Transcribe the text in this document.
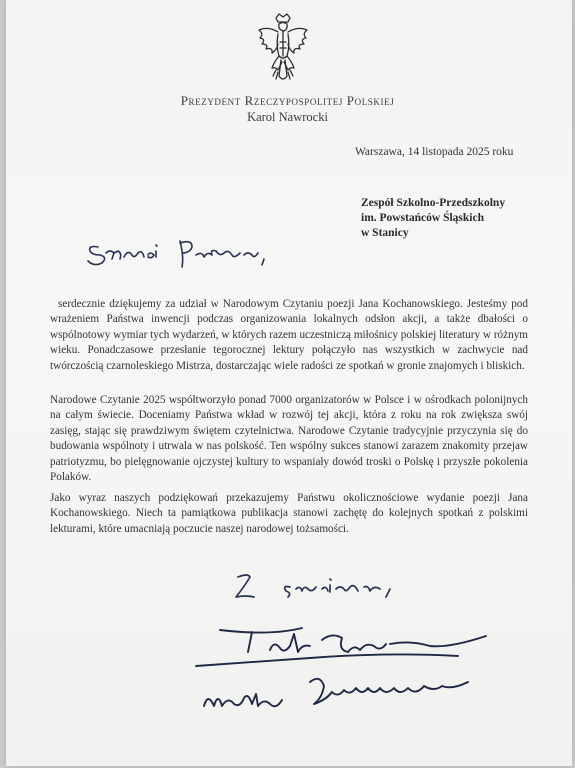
Prezydent Rzeczypospolitej Polskiej
Karol Nawrocki
Warszawa, 14 listopada 2025 roku
Zespół Szkolno-Przedszkolny
im. Powstańców Śląskich
w Stanicy
serdecznie dziękujemy za udział w Narodowym Czytaniu poezji Jana Kochanowskiego. Jesteśmy pod wrażeniem Państwa inwencji podczas organizowania lokalnych odsłon akcji, a także dbałości o wspólnotowy wymiar tych wydarzeń, w których razem uczestniczą miłośnicy polskiej literatury w różnym wieku. Ponadczasowe przesłanie tegorocznej lektury połączyło nas wszystkich w zachwycie nad twórczością czarnoleskiego Mistrza, dostarczając wiele radości ze spotkań w gronie znajomych i bliskich.
Narodowe Czytanie 2025 współtworzyło ponad 7000 organizatorów w Polsce i w ośrodkach polonijnych na całym świecie. Doceniamy Państwa wkład w rozwój tej akcji, która z roku na rok zwiększa swój zasięg, stając się prawdziwym świętem czytelnictwa. Narodowe Czytanie tradycyjnie przyczynia się do budowania wspólnoty i utrwala w nas polskość. Ten wspólny sukces stanowi zarazem znakomity przejaw patriotyzmu, bo pielęgnowanie ojczystej kultury to wspaniały dowód troski o Polskę i przyszłe pokolenia Polaków.
Jako wyraz naszych podziękowań przekazujemy Państwu okolicznościowe wydanie poezji Jana Kochanowskiego. Niech ta pamiątkowa publikacja stanowi zachętę do kolejnych spotkań z polskimi lekturami, które umacniają poczucie naszej narodowej tożsamości.
